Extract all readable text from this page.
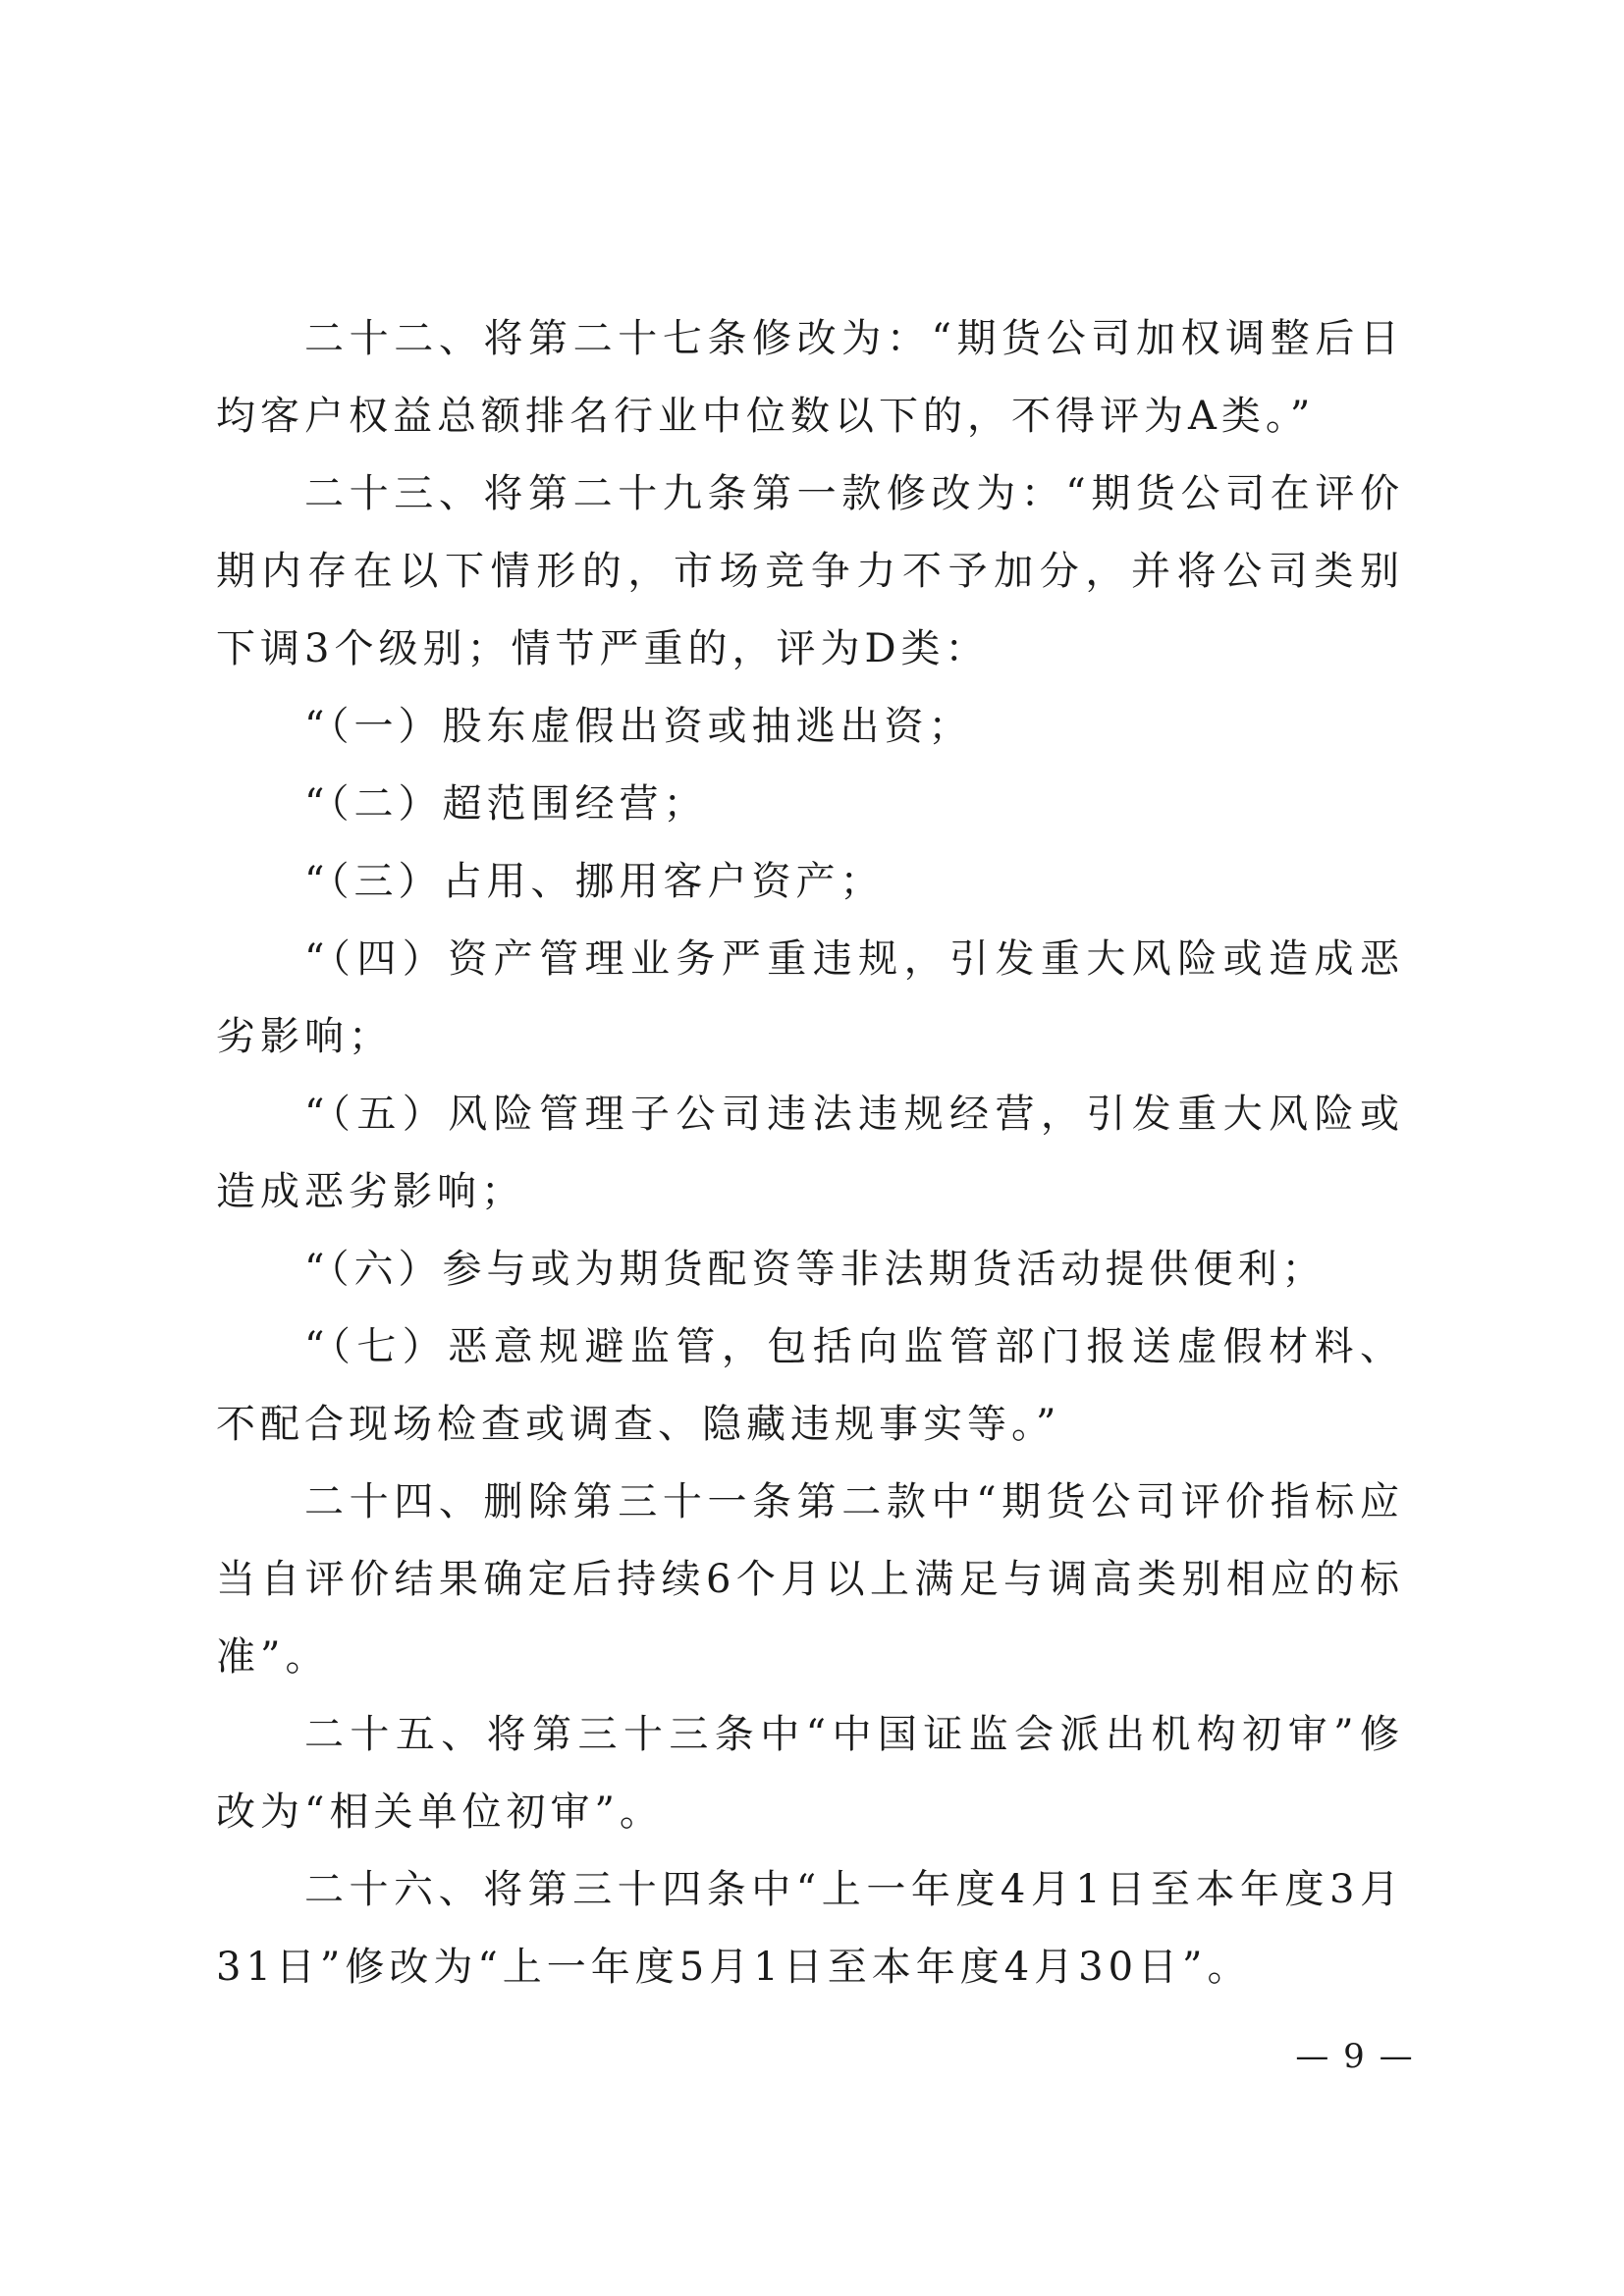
二十二、将第二十七条修改为：“期货公司加权调整后日均客户权益总额排名行业中位数以下的，不得评为A类。”

二十三、将第二十九条第一款修改为：“期货公司在评价期内存在以下情形的，市场竞争力不予加分，并将公司类别下调3个级别；情节严重的，评为D类：

“（一）股东虚假出资或抽逃出资；

“（二）超范围经营；

“（三）占用、挪用客户资产；

“（四）资产管理业务严重违规，引发重大风险或造成恶劣影响；

“（五）风险管理子公司违法违规经营，引发重大风险或造成恶劣影响；

“（六）参与或为期货配资等非法期货活动提供便利；

“（七）恶意规避监管，包括向监管部门报送虚假材料、不配合现场检查或调查、隐藏违规事实等。”

二十四、删除第三十一条第二款中“期货公司评价指标应当自评价结果确定后持续6个月以上满足与调高类别相应的标准”。

二十五、将第三十三条中“中国证监会派出机构初审”修改为“相关单位初审”。

二十六、将第三十四条中“上一年度4月1日至本年度3月31日”修改为“上一年度5月1日至本年度4月30日”。

— 9 —
